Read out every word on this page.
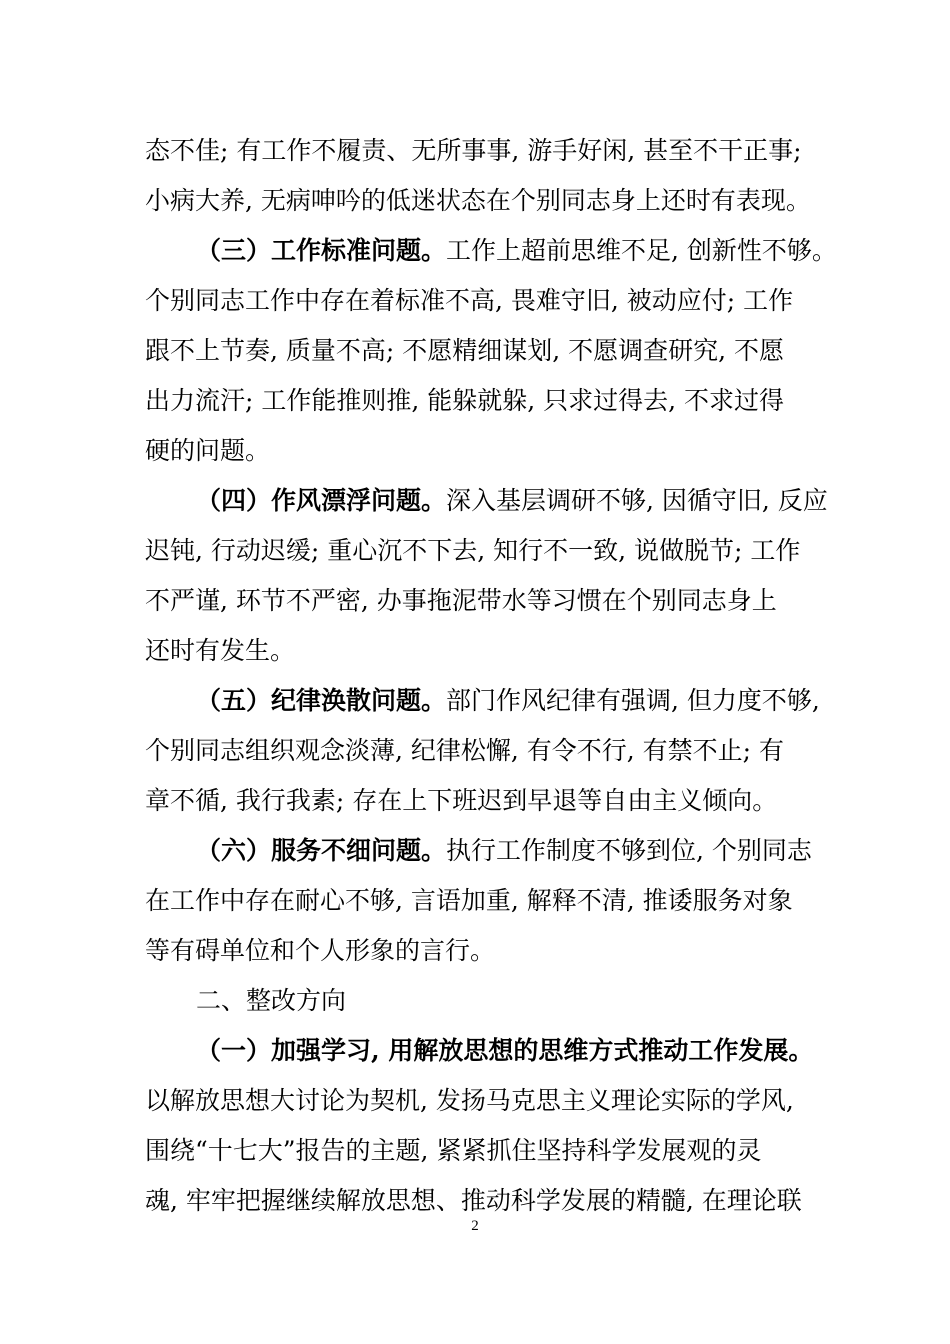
态不佳; 有工作不履责、无所事事, 游手好闲, 甚至不干正事;
小病大养, 无病呻吟的低迷状态在个别同志身上还时有表现。
（三）工作标准问题。工作上超前思维不足, 创新性不够。
个别同志工作中存在着标准不高, 畏难守旧, 被动应付; 工作
跟不上节奏, 质量不高; 不愿精细谋划, 不愿调查研究, 不愿
出力流汗; 工作能推则推, 能躲就躲, 只求过得去, 不求过得
硬的问题。
（四）作风漂浮问题。深入基层调研不够, 因循守旧, 反应
迟钝, 行动迟缓; 重心沉不下去, 知行不一致, 说做脱节; 工作
不严谨, 环节不严密, 办事拖泥带水等习惯在个别同志身上
还时有发生。
（五）纪律涣散问题。部门作风纪律有强调, 但力度不够,
个别同志组织观念淡薄, 纪律松懈, 有令不行, 有禁不止; 有
章不循, 我行我素; 存在上下班迟到早退等自由主义倾向。
（六）服务不细问题。执行工作制度不够到位, 个别同志
在工作中存在耐心不够, 言语加重, 解释不清, 推诿服务对象
等有碍单位和个人形象的言行。
二、整改方向
（一）加强学习, 用解放思想的思维方式推动工作发展。
以解放思想大讨论为契机, 发扬马克思主义理论实际的学风,
围绕“十七大”报告的主题, 紧紧抓住坚持科学发展观的灵
魂, 牢牢把握继续解放思想、推动科学发展的精髓, 在理论联
2
